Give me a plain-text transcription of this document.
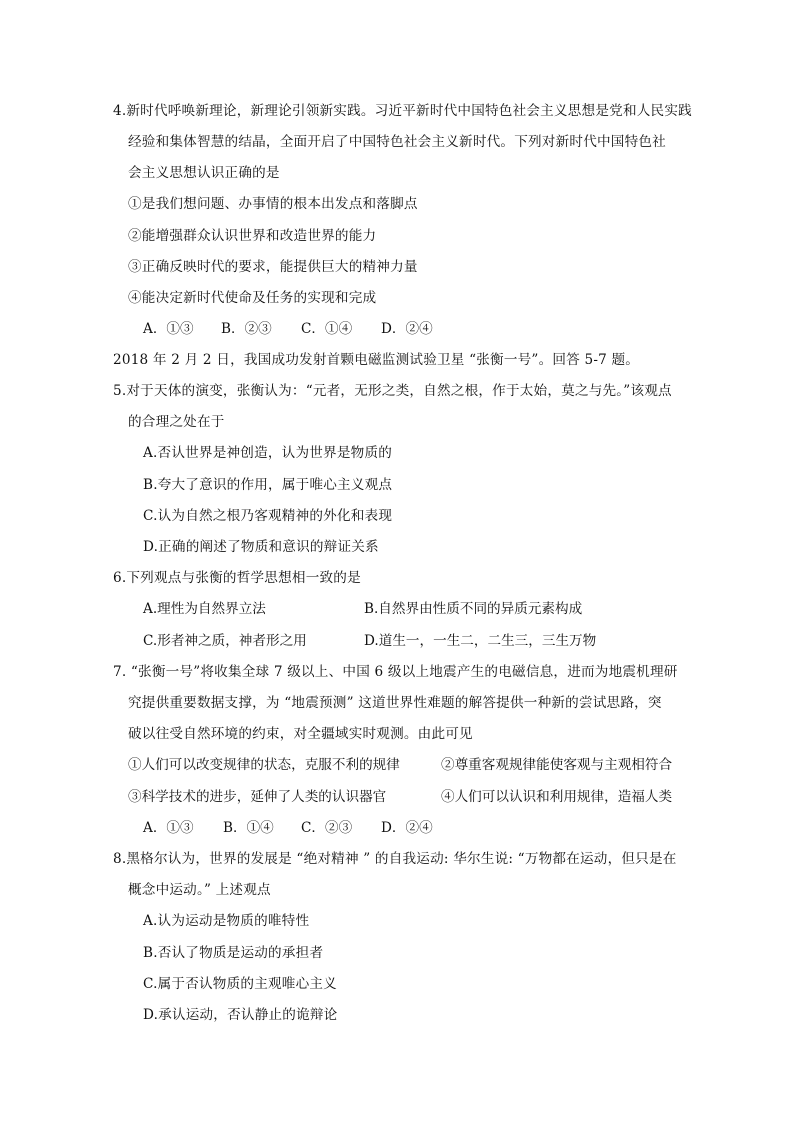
4.新时代呼唤新理论，新理论引领新实践。习近平新时代中国特色社会主义思想是党和人民实践
经验和集体智慧的结晶，全面开启了中国特色社会主义新时代。下列对新时代中国特色社
会主义思想认识正确的是
①是我们想问题、办事情的根本出发点和落脚点
②能增强群众认识世界和改造世界的能力
③正确反映时代的要求，能提供巨大的精神力量
④能决定新时代使命及任务的实现和完成
A．①③ B．②③ C．①④ D．②④
2018 年 2 月 2 日，我国成功发射首颗电磁监测试验卫星 “张衡一号”。回答 5-7 题。
5.对于天体的演变，张衡认为：“元者，无形之类，自然之根，作于太始，莫之与先。”该观点
的合理之处在于
A.否认世界是神创造，认为世界是物质的
B.夸大了意识的作用，属于唯心主义观点
C.认为自然之根乃客观精神的外化和表现
D.正确的阐述了物质和意识的辩证关系
6.下列观点与张衡的哲学思想相一致的是
A.理性为自然界立法	B.自然界由性质不同的异质元素构成
C.形者神之质，神者形之用	D.道生一，一生二，二生三，三生万物
7. “张衡一号”将收集全球 7 级以上、中国 6 级以上地震产生的电磁信息，进而为地震机理研
究提供重要数据支撑，为 “地震预测” 这道世界性难题的解答提供一种新的尝试思路，突
破以往受自然环境的约束，对全疆域实时观测。由此可见
①人们可以改变规律的状态，克服不利的规律	②尊重客观规律能使客观与主观相符合
③科学技术的进步，延伸了人类的认识器官	④人们可以认识和利用规律，造福人类
A．①③ B．①④ C．②③ D．②④
8.黑格尔认为，世界的发展是 “绝对精神 ” 的自我运动: 华尔生说: “万物都在运动，但只是在
概念中运动。” 上述观点
A.认为运动是物质的唯特性
B.否认了物质是运动的承担者
C.属于否认物质的主观唯心主义
D.承认运动，否认静止的诡辩论
